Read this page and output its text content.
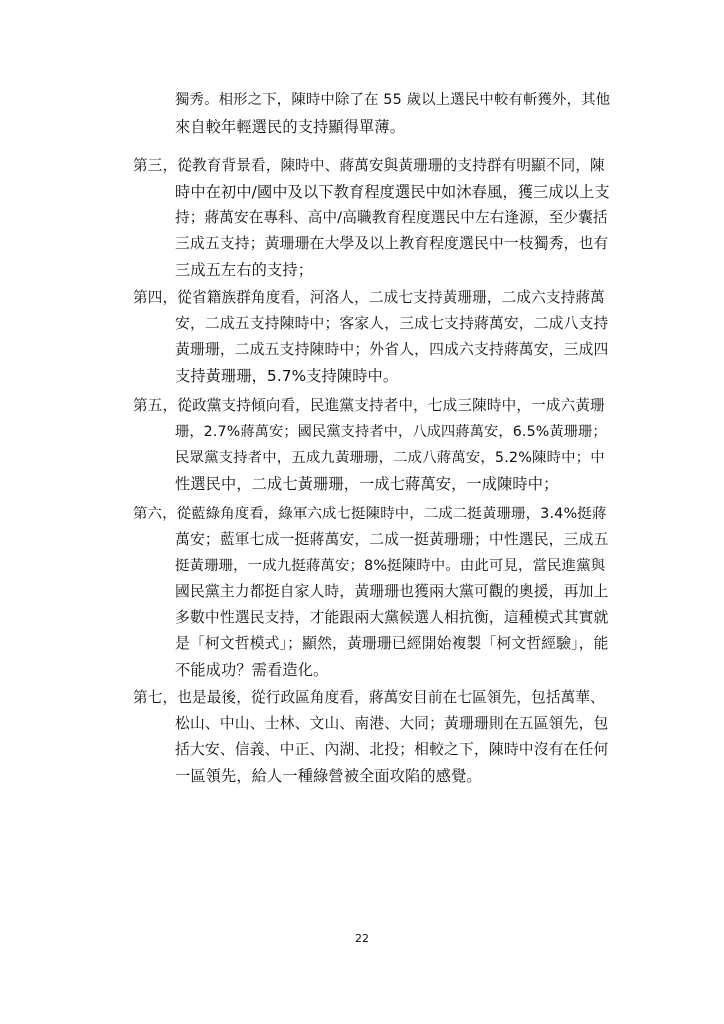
獨秀。相形之下，陳時中除了在 55 歲以上選民中較有斬獲外，其他
來自較年輕選民的支持顯得單薄。
第三，從教育背景看，陳時中、蔣萬安與黃珊珊的支持群有明顯不同，陳
時中在初中/國中及以下教育程度選民中如沐春風，獲三成以上支
持；蔣萬安在專科、高中/高職教育程度選民中左右逢源，至少囊括
三成五支持；黃珊珊在大學及以上教育程度選民中一枝獨秀，也有
三成五左右的支持；
第四，從省籍族群角度看，河洛人，二成七支持黃珊珊，二成六支持蔣萬
安，二成五支持陳時中；客家人，三成七支持蔣萬安，二成八支持
黃珊珊，二成五支持陳時中；外省人，四成六支持蔣萬安，三成四
支持黃珊珊，5.7%支持陳時中。
第五，從政黨支持傾向看，民進黨支持者中，七成三陳時中，一成六黃珊
珊，2.7%蔣萬安；國民黨支持者中，八成四蔣萬安，6.5%黃珊珊；
民眾黨支持者中，五成九黃珊珊，二成八蔣萬安，5.2%陳時中；中
性選民中，二成七黃珊珊，一成七蔣萬安，一成陳時中；
第六，從藍綠角度看，綠軍六成七挺陳時中，二成二挺黃珊珊，3.4%挺蔣
萬安；藍軍七成一挺蔣萬安，二成一挺黃珊珊；中性選民，三成五
挺黃珊珊，一成九挺蔣萬安；8%挺陳時中。由此可見，當民進黨與
國民黨主力都挺自家人時，黃珊珊也獲兩大黨可觀的奧援，再加上
多數中性選民支持，才能跟兩大黨候選人相抗衡，這種模式其實就
是「柯文哲模式」；顯然，黃珊珊已經開始複製「柯文哲經驗」，能
不能成功？需看造化。
第七，也是最後，從行政區角度看，蔣萬安目前在七區領先，包括萬華、
松山、中山、士林、文山、南港、大同；黃珊珊則在五區領先，包
括大安、信義、中正、內湖、北投；相較之下，陳時中沒有在任何
一區領先，給人一種綠營被全面攻陷的感覺。
22
